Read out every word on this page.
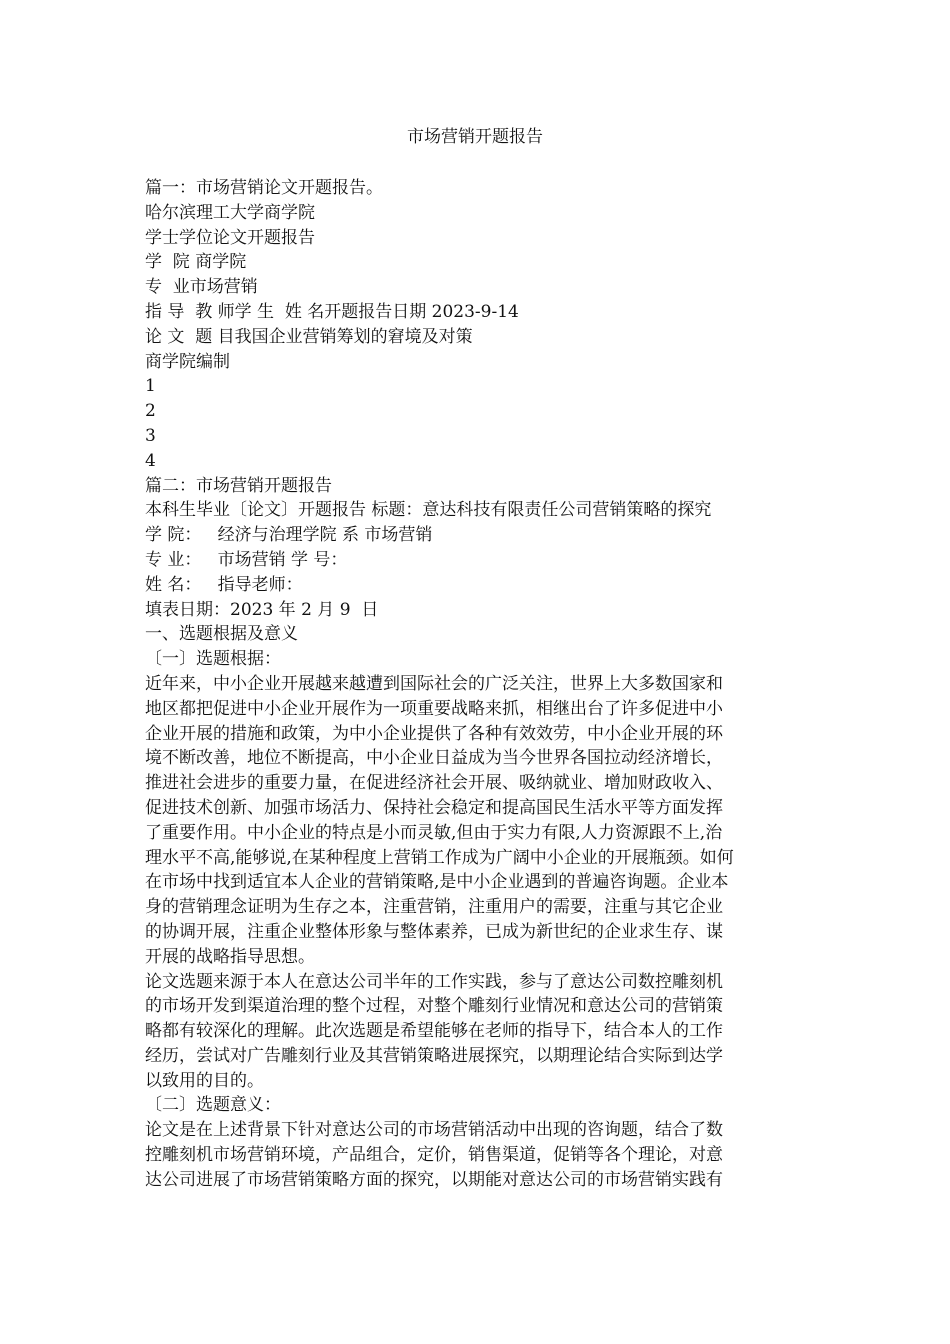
市场营销开题报告
篇一：市场营销论文开题报告。
哈尔滨理工大学商学院
学士学位论文开题报告
学  院 商学院
专  业市场营销
指 导  教 师学 生  姓 名开题报告日期 2023-9-14
论 文  题 目我国企业营销筹划的窘境及对策
商学院编制
1
2
3
4
篇二：市场营销开题报告
本科生毕业〔论文〕开题报告 标题：意达科技有限责任公司营销策略的探究
学 院：   经济与治理学院 系 市场营销
专 业：   市场营销 学 号：
姓 名：   指导老师：
填表日期：2023 年 2 月 9  日
一、选题根据及意义
〔一〕选题根据：
近年来，中小企业开展越来越遭到国际社会的广泛关注，世界上大多数国家和
地区都把促进中小企业开展作为一项重要战略来抓，相继出台了许多促进中小
企业开展的措施和政策，为中小企业提供了各种有效效劳，中小企业开展的环
境不断改善，地位不断提高，中小企业日益成为当今世界各国拉动经济增长，
推进社会进步的重要力量，在促进经济社会开展、吸纳就业、增加财政收入、
促进技术创新、加强市场活力、保持社会稳定和提高国民生活水平等方面发挥
了重要作用。中小企业的特点是小而灵敏,但由于实力有限,人力资源跟不上,治
理水平不高,能够说,在某种程度上营销工作成为广阔中小企业的开展瓶颈。如何
在市场中找到适宜本人企业的营销策略,是中小企业遇到的普遍咨询题。企业本
身的营销理念证明为生存之本，注重营销，注重用户的需要，注重与其它企业
的协调开展，注重企业整体形象与整体素养，已成为新世纪的企业求生存、谋
开展的战略指导思想。
论文选题来源于本人在意达公司半年的工作实践，参与了意达公司数控雕刻机
的市场开发到渠道治理的整个过程，对整个雕刻行业情况和意达公司的营销策
略都有较深化的理解。此次选题是希望能够在老师的指导下，结合本人的工作
经历，尝试对广告雕刻行业及其营销策略进展探究，以期理论结合实际到达学
以致用的目的。
〔二〕选题意义：
论文是在上述背景下针对意达公司的市场营销活动中出现的咨询题，结合了数
控雕刻机市场营销环境，产品组合，定价，销售渠道，促销等各个理论，对意
达公司进展了市场营销策略方面的探究，以期能对意达公司的市场营销实践有
